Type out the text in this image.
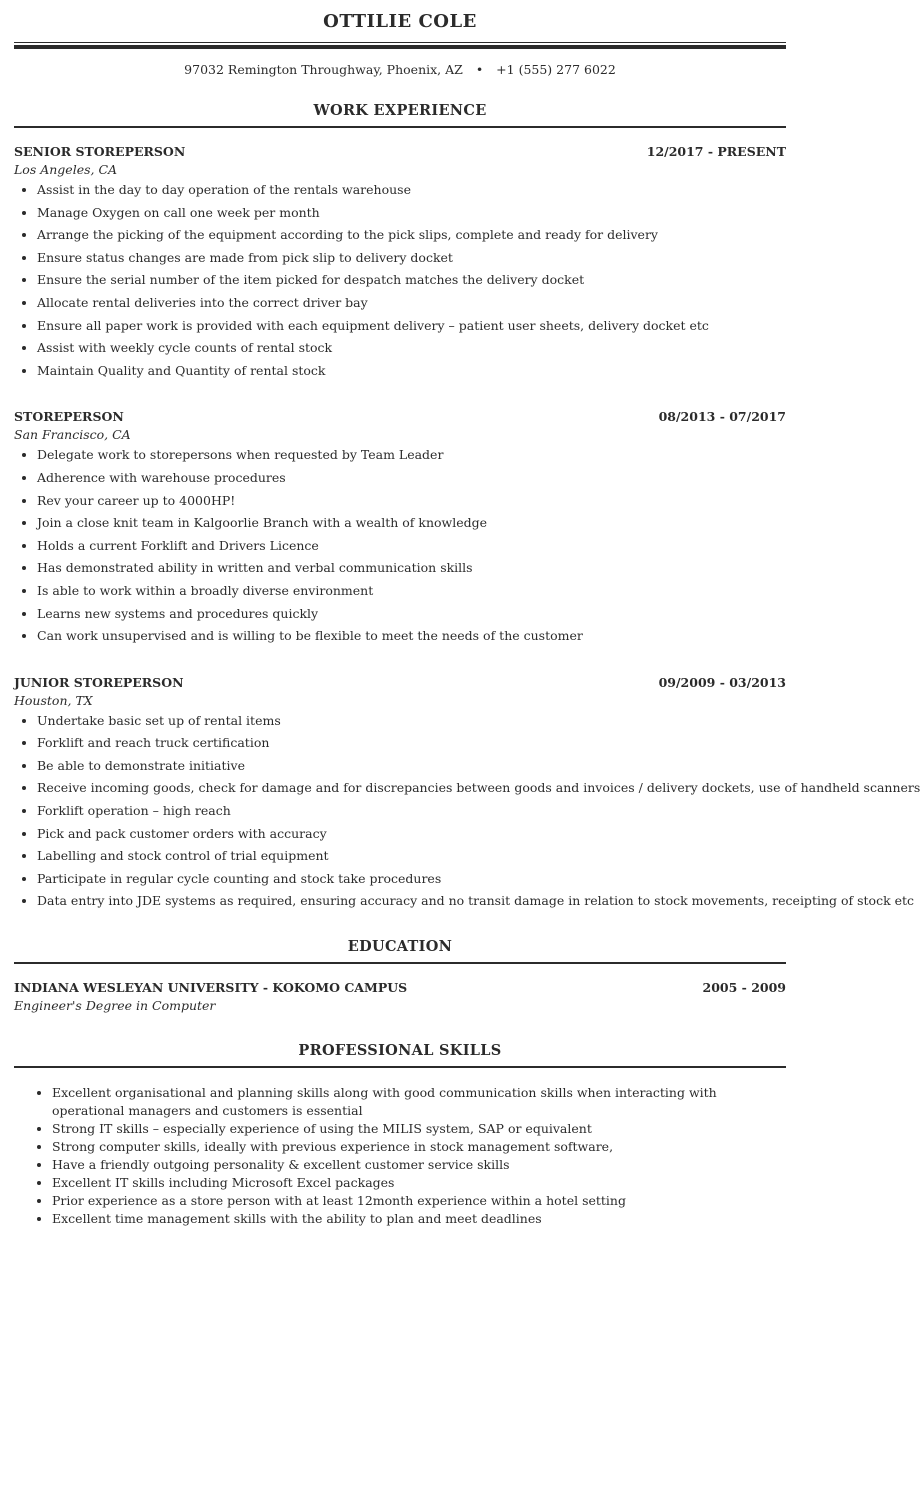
OTTILIE COLE
97032 Remington Throughway, Phoenix, AZ • +1 (555) 277 6022
WORK EXPERIENCE
SENIOR STOREPERSON	12/2017 - PRESENT
Los Angeles, CA
• Assist in the day to day operation of the rentals warehouse
• Manage Oxygen on call one week per month
• Arrange the picking of the equipment according to the pick slips, complete and ready for delivery
• Ensure status changes are made from pick slip to delivery docket
• Ensure the serial number of the item picked for despatch matches the delivery docket
• Allocate rental deliveries into the correct driver bay
• Ensure all paper work is provided with each equipment delivery – patient user sheets, delivery docket etc
• Assist with weekly cycle counts of rental stock
• Maintain Quality and Quantity of rental stock
STOREPERSON	08/2013 - 07/2017
San Francisco, CA
• Delegate work to storepersons when requested by Team Leader
• Adherence with warehouse procedures
• Rev your career up to 4000HP!
• Join a close knit team in Kalgoorlie Branch with a wealth of knowledge
• Holds a current Forklift and Drivers Licence
• Has demonstrated ability in written and verbal communication skills
• Is able to work within a broadly diverse environment
• Learns new systems and procedures quickly
• Can work unsupervised and is willing to be flexible to meet the needs of the customer
JUNIOR STOREPERSON	09/2009 - 03/2013
Houston, TX
• Undertake basic set up of rental items
• Forklift and reach truck certification
• Be able to demonstrate initiative
• Receive incoming goods, check for damage and for discrepancies between goods and invoices / delivery dockets, use of handheld scanners
• Forklift operation – high reach
• Pick and pack customer orders with accuracy
• Labelling and stock control of trial equipment
• Participate in regular cycle counting and stock take procedures
• Data entry into JDE systems as required, ensuring accuracy and no transit damage in relation to stock movements, receipting of stock etc
EDUCATION
INDIANA WESLEYAN UNIVERSITY - KOKOMO CAMPUS	2005 - 2009
Engineer's Degree in Computer
PROFESSIONAL SKILLS
• Excellent organisational and planning skills along with good communication skills when interacting with operational managers and customers is essential
• Strong IT skills – especially experience of using the MILIS system, SAP or equivalent
• Strong computer skills, ideally with previous experience in stock management software,
• Have a friendly outgoing personality & excellent customer service skills
• Excellent IT skills including Microsoft Excel packages
• Prior experience as a store person with at least 12month experience within a hotel setting
• Excellent time management skills with the ability to plan and meet deadlines
